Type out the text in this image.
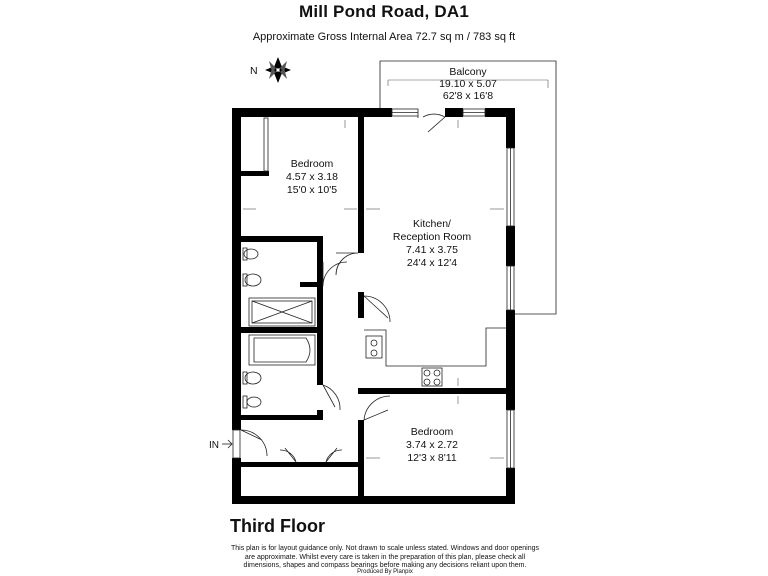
Mill Pond Road, DA1
Approximate Gross Internal Area 72.7 sq m / 783 sq ft
N	Balcony
19.10 x 5.07
62'8 x 16'8
Bedroom
4.57 x 3.18
15'0 x 10'5
Kitchen/
Reception Room
7.41 x 3.75
24'4 x 12'4
Bedroom
3.74 x 2.72
12'3 x 8'11
IN
Third Floor
This plan is for layout guidance only. Not drawn to scale unless stated. Windows and door openings are approximate. Whilst every care is taken in the preparation of this plan, please check all dimensions, shapes and compass bearings before making any decisions reliant upon them.
Produced By Planpix
